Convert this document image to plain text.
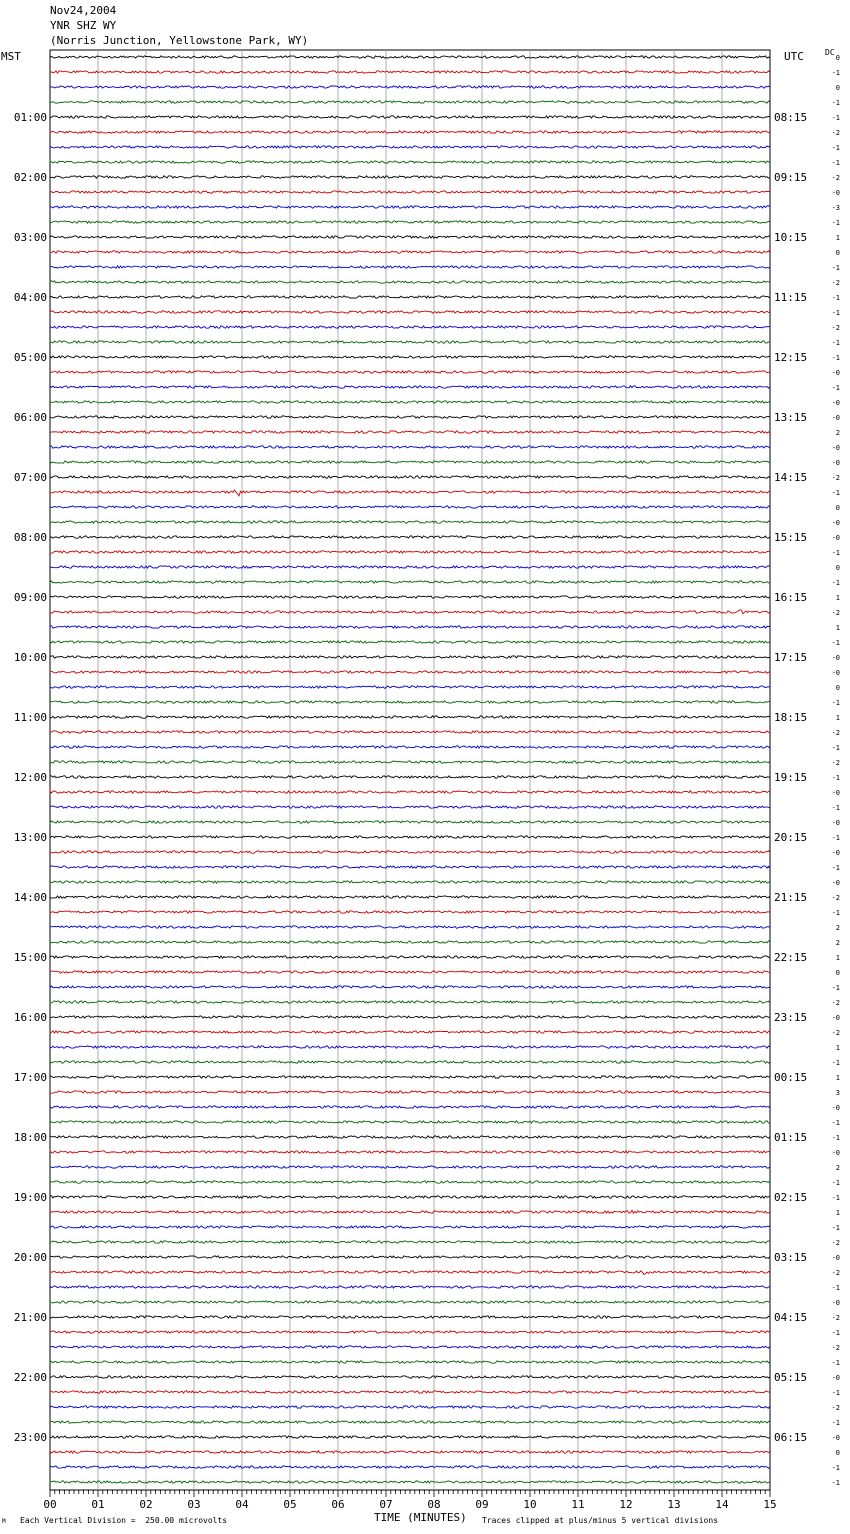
Nov24,2004
YNR SHZ WY
(Norris Junction, Yellowstone Park, WY)
MST	UTC	DC
0
-1
0
-1
-1
-2
-1
-1
-2
-0
-3
-1
1
0
-1
-2
-1
-1
-2
-1
-1
-0
-1
-0
-0
2
-0
-0
-2
-1
0
-0
-0
-1
0
-1
1
-2
1
-1
-0
-0
0
-1
1
-2
-1
-2
-1
-0
-1
-0
-1
-0
-1
-0
-2
-1
2
2
1
0
-1
-2
-0
-2
1
-1
1
3
-0
-1
-1
-0
2
-1
-1
1
-1
-2
-0
-2
-1
-0
-2
-1
-2
-1
-0
-1
-2
-1
-0
0
-1
-1
01:00	08:15
02:00	09:15
03:00	10:15
04:00	11:15
05:00	12:15
06:00	13:15
07:00	14:15
08:00	15:15
09:00	16:15
10:00	17:15
11:00	18:15
12:00	19:15
13:00	20:15
14:00	21:15
15:00	22:15
16:00	23:15
17:00	00:15
18:00	01:15
19:00	02:15
20:00	03:15
21:00	04:15
22:00	05:15
23:00	06:15
00	01	02	03	04	05	06	07	08	09	10	11	12	13	14	15
TIME (MINUTES)
Each Vertical Division =  250.00 microvolts	Traces clipped at plus/minus 5 vertical divisions
M
